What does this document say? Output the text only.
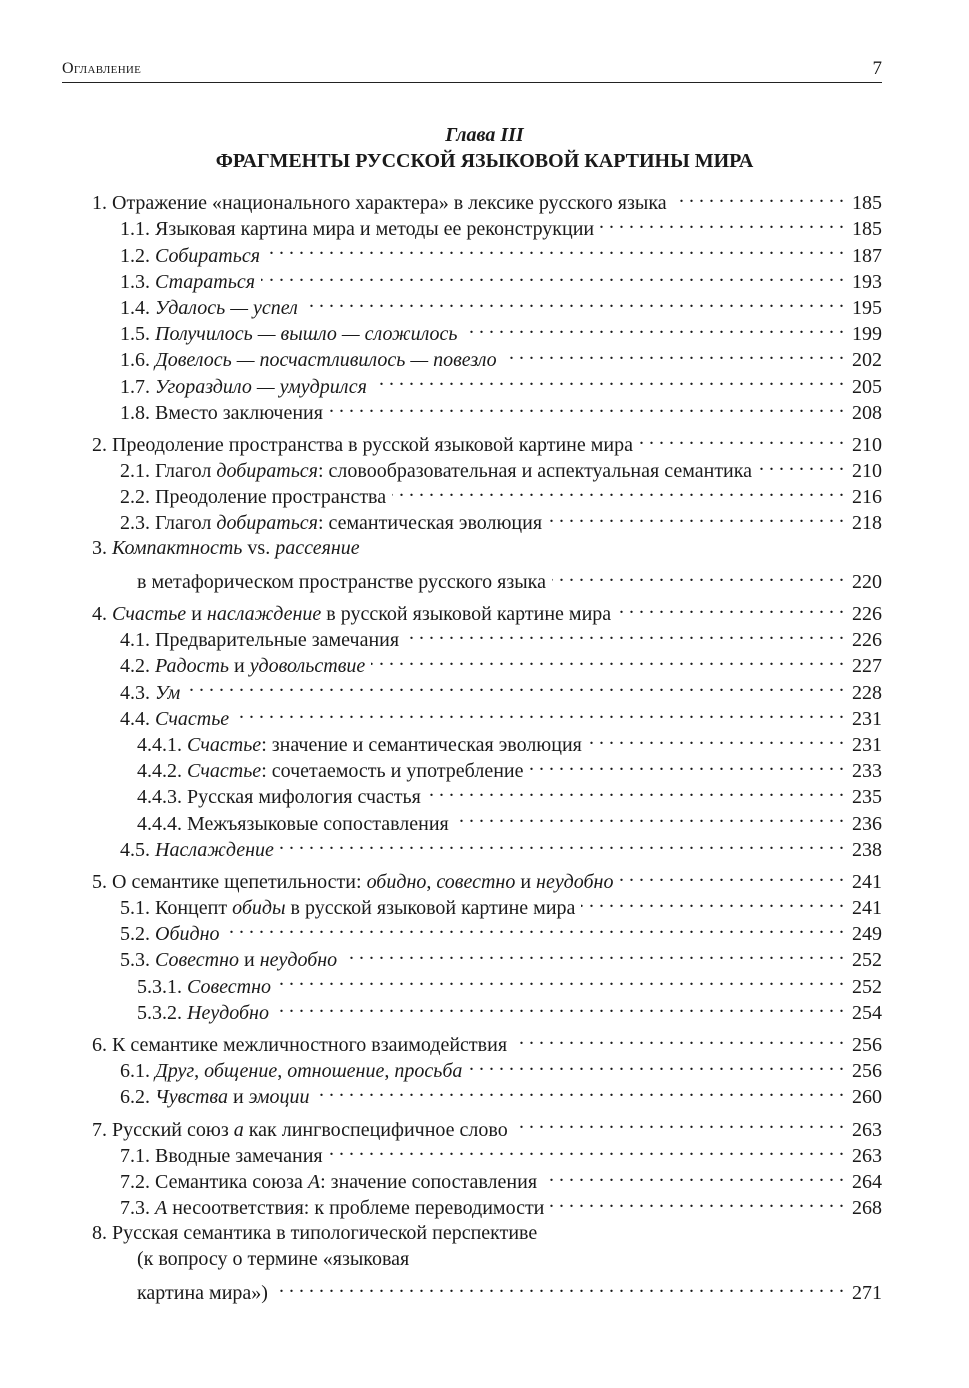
Оглавление	7
Глава III
ФРАГМЕНТЫ РУССКОЙ ЯЗЫКОВОЙ КАРТИНЫ МИРА
1. Отражение «национального характера» в лексике русского языка . . .	185
1.1. Языковая картина мира и методы ее реконструкции . . .	185
1.2. Собираться . . .	187
1.3. Стараться . . .	193
1.4. Удалось — успел . . .	195
1.5. Получилось — вышло — сложилось . . .	199
1.6. Довелось — посчастливилось — повезло . . .	202
1.7. Угораздило — умудрился . . .	205
1.8. Вместо заключения . . .	208
2. Преодоление пространства в русской языковой картине мира . . .	210
2.1. Глагол добираться : словообразовательная и аспектуальная семантика . . .	210
2.2. Преодоление пространства . . .	216
2.3. Глагол добираться : семантическая эволюция . . .	218
3. Компактность vs. рассеяние
в метафорическом пространстве русского языка . . .	220
4. Счастье и наслаждение в русской языковой картине мира . . .	226
4.1. Предварительные замечания . . .	226
4.2. Радость и удовольствие . . .	227
4.3. Ум . . .	228
4.4. Счастье . . .	231
4.4.1. Счастье : значение и семантическая эволюция . . .	231
4.4.2. Счастье : сочетаемость и употребление . . .	233
4.4.3. Русская мифология счастья . . .	235
4.4.4. Межъязыковые сопоставления . . .	236
4.5. Наслаждение . . .	238
5. О семантике щепетильности: обидно , совестно и неудобно . . .	241
5.1. Концепт обиды в русской языковой картине мира . . .	241
5.2. Обидно . . .	249
5.3. Совестно и неудобно . . .	252
5.3.1. Совестно . . .	252
5.3.2. Неудобно . . .	254
6. К семантике межличностного взаимодействия . . .	256
6.1. Друг , общение , отношение , просьба . . .	256
6.2. Чувства и эмоции . . .	260
7. Русский союз а как лингвоспецифичное слово . . .	263
7.1. Вводные замечания . . .	263
7.2. Семантика союза А : значение сопоставления . . .	264
7.3. А несоответствия: к проблеме переводимости . . .	268
8. Русская семантика в типологической перспективе
(к вопросу о термине «языковая
картина мира») . . .	271
